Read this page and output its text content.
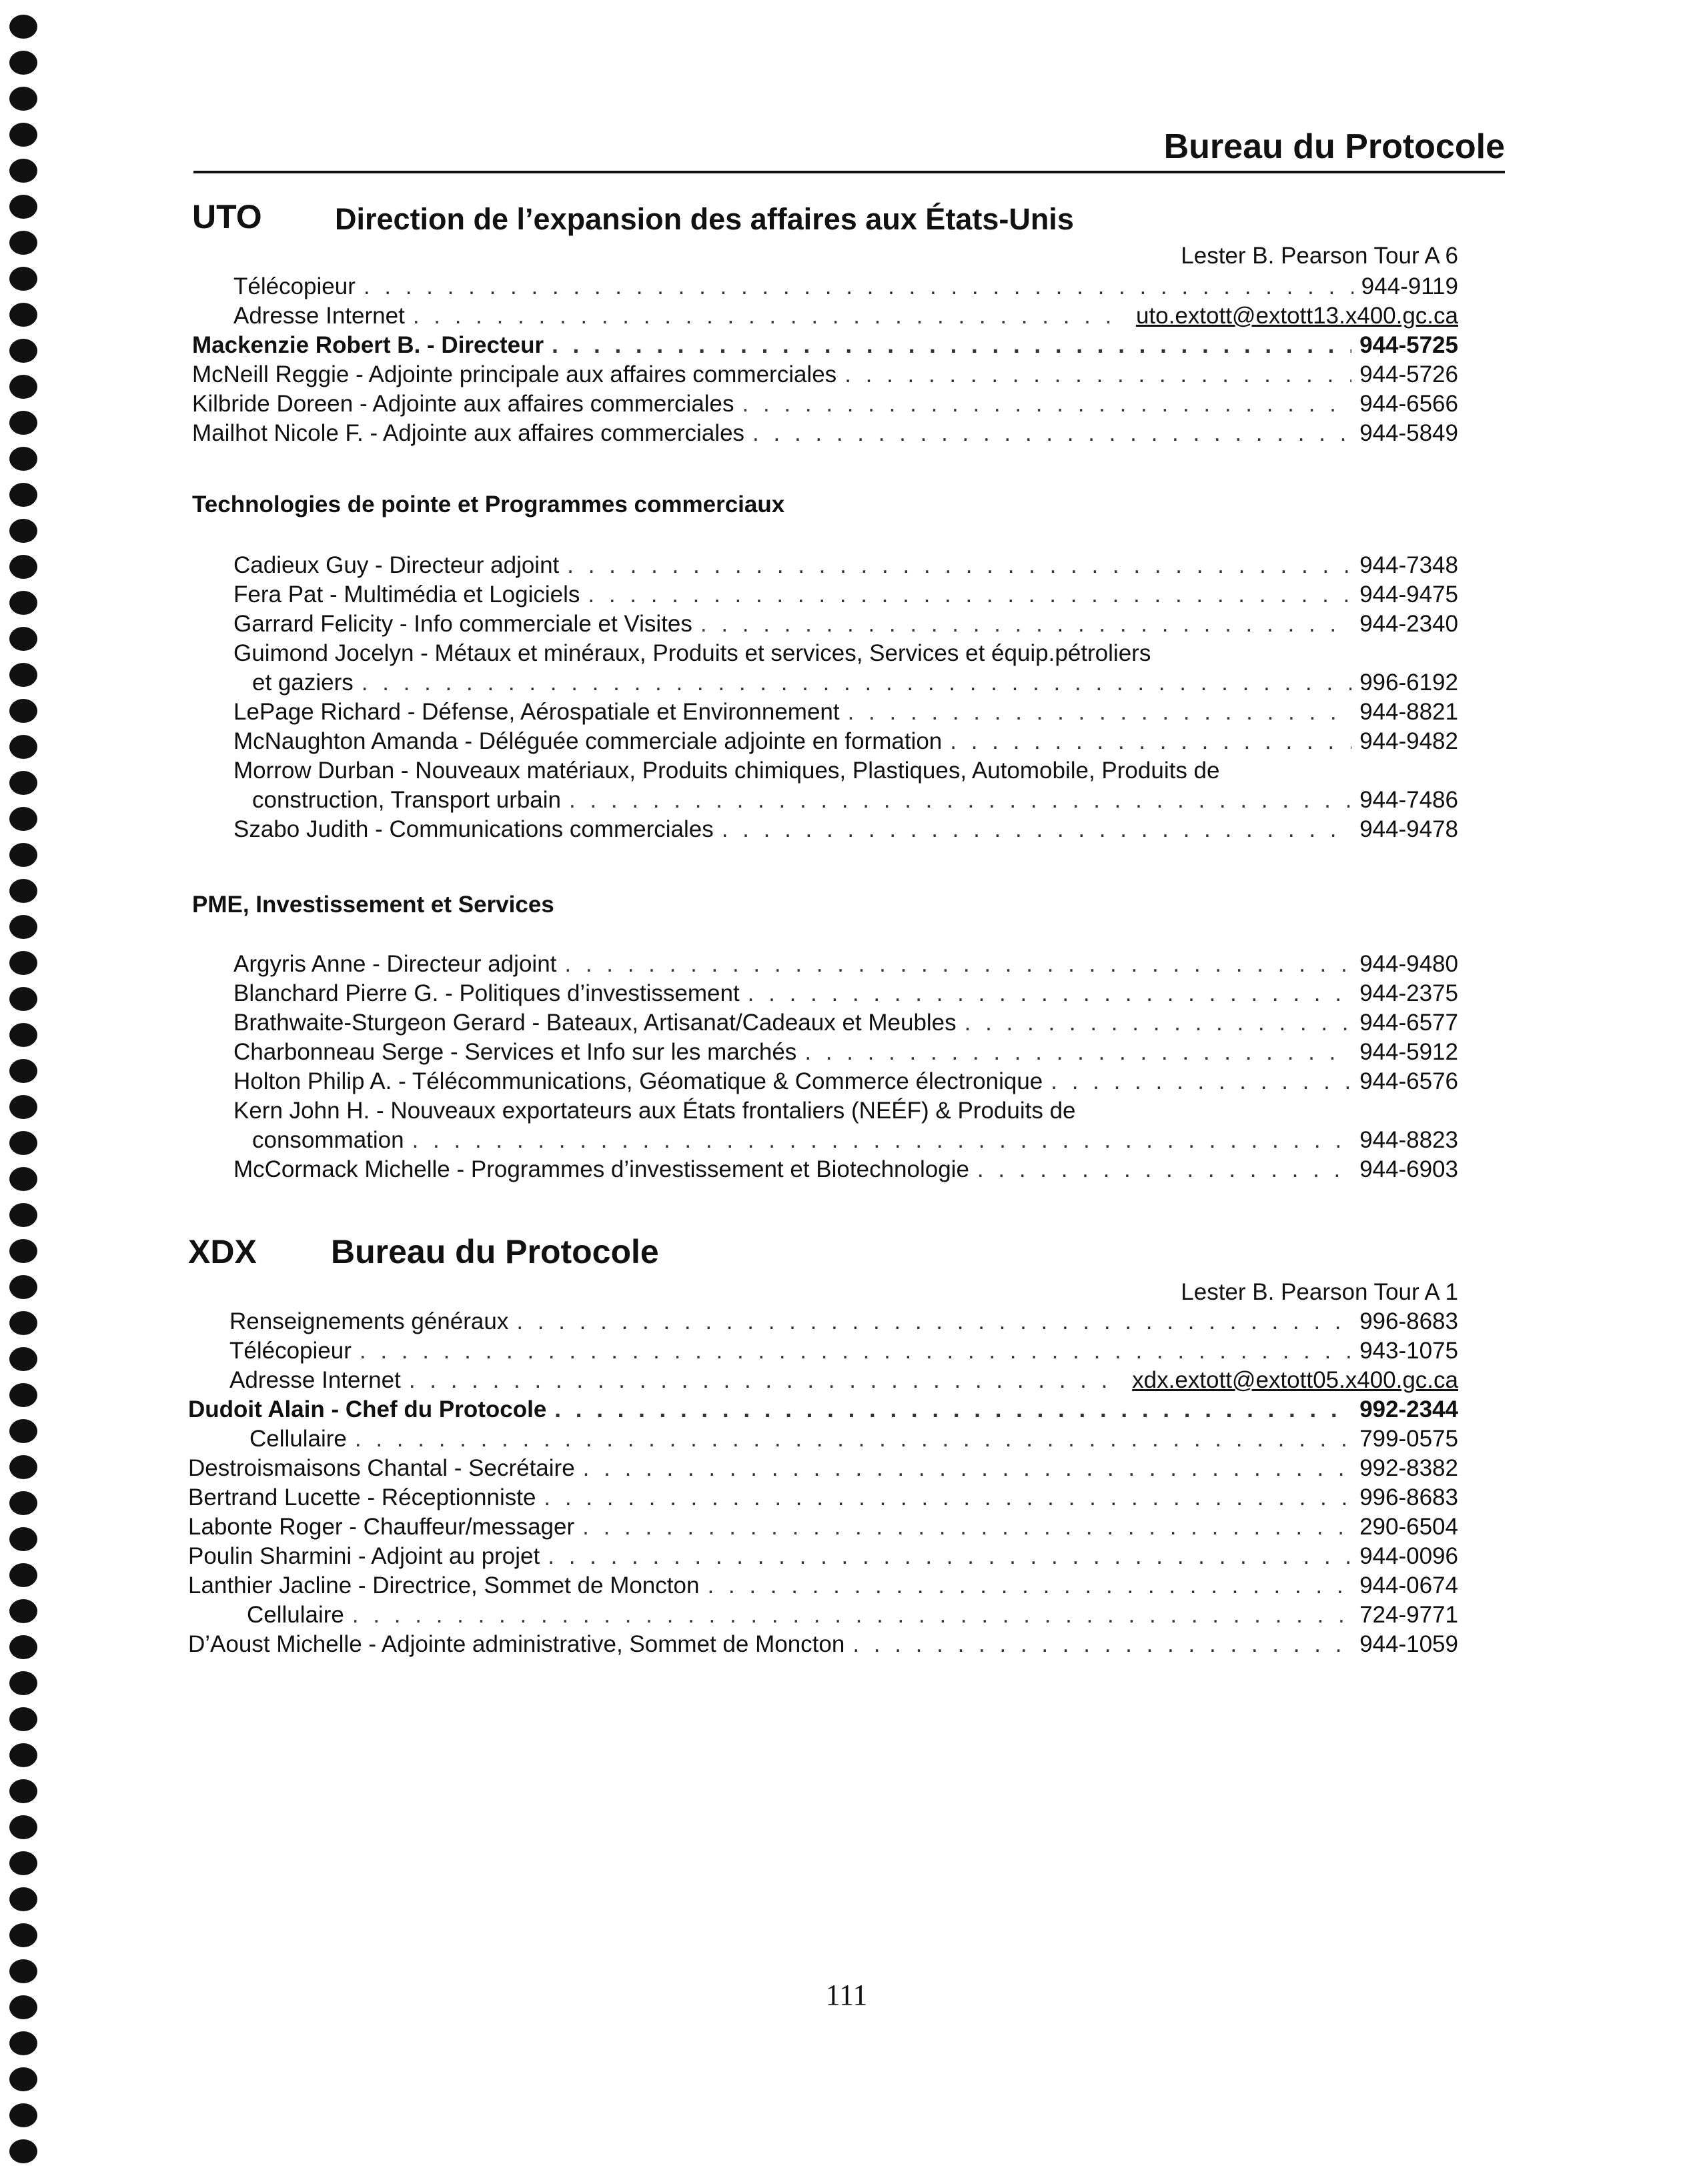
Bureau du Protocole
UTO Direction de l’expansion des affaires aux États-Unis
Lester B. Pearson Tour A 6
Télécopieur . . .	944-9119
Adresse Internet . . .	uto.extott@extott13.x400.gc.ca
Mackenzie Robert B. - Directeur . . .	944-5725
McNeill Reggie - Adjointe principale aux affaires commerciales . . .	944-5726
Kilbride Doreen - Adjointe aux affaires commerciales . . .	944-6566
Mailhot Nicole F. - Adjointe aux affaires commerciales . . .	944-5849
Technologies de pointe et Programmes commerciaux
Cadieux Guy - Directeur adjoint . . .	944-7348
Fera Pat - Multimédia et Logiciels . . .	944-9475
Garrard Felicity - Info commerciale et Visites . . .	944-2340
Guimond Jocelyn - Métaux et minéraux, Produits et services, Services et équip.pétroliers
et gaziers . . .	996-6192
LePage Richard - Défense, Aérospatiale et Environnement . . .	944-8821
McNaughton Amanda - Déléguée commerciale adjointe en formation . . .	944-9482
Morrow Durban - Nouveaux matériaux, Produits chimiques, Plastiques, Automobile, Produits de
construction, Transport urbain . . .	944-7486
Szabo Judith - Communications commerciales . . .	944-9478
PME, Investissement et Services
Argyris Anne - Directeur adjoint . . .	944-9480
Blanchard Pierre G. - Politiques d’investissement . . .	944-2375
Brathwaite-Sturgeon Gerard - Bateaux, Artisanat/Cadeaux et Meubles . . .	944-6577
Charbonneau Serge - Services et Info sur les marchés . . .	944-5912
Holton Philip A. - Télécommunications, Géomatique & Commerce électronique . . .	944-6576
Kern John H. - Nouveaux exportateurs aux États frontaliers (NEÉF) & Produits de
consommation . . .	944-8823
McCormack Michelle - Programmes d’investissement et Biotechnologie . . .	944-6903
XDX Bureau du Protocole
Lester B. Pearson Tour A 1
Renseignements généraux . . .	996-8683
Télécopieur . . .	943-1075
Adresse Internet . . .	xdx.extott@extott05.x400.gc.ca
Dudoit Alain - Chef du Protocole . . .	992-2344
Cellulaire . . .	799-0575
Destroismaisons Chantal - Secrétaire . . .	992-8382
Bertrand Lucette - Réceptionniste . . .	996-8683
Labonte Roger - Chauffeur/messager . . .	290-6504
Poulin Sharmini - Adjoint au projet . . .	944-0096
Lanthier Jacline - Directrice, Sommet de Moncton . . .	944-0674
Cellulaire . . .	724-9771
D’Aoust Michelle - Adjointe administrative, Sommet de Moncton . . .	944-1059
111
